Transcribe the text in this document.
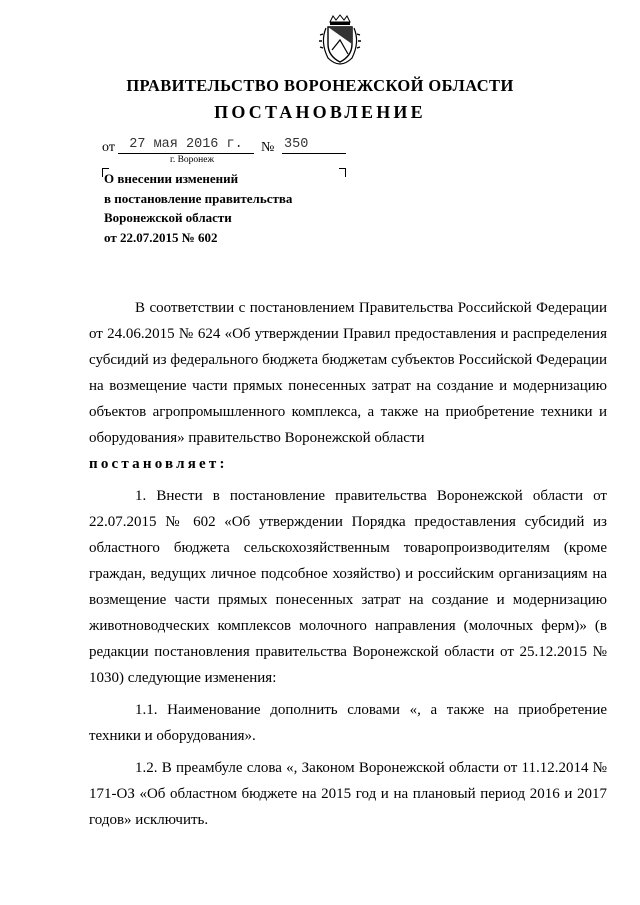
ПРАВИТЕЛЬСТВО ВОРОНЕЖСКОЙ ОБЛАСТИ
ПОСТАНОВЛЕНИЕ
от	27 мая 2016 г.	№ 350
г. Воронеж
О внесении изменений
в постановление правительства
Воронежской области
от 22.07.2015 № 602

В соответствии с постановлением Правительства Российской Федерации от 24.06.2015 № 624 «Об утверждении Правил предоставления и распределения субсидий из федерального бюджета бюджетам субъектов Российской Федерации на возмещение части прямых понесенных затрат на создание и модернизацию объектов агропромышленного комплекса, а также на приобретение техники и оборудования» правительство Воронежской области

постановляет:

1. Внести в постановление правительства Воронежской области от 22.07.2015 № 602 «Об утверждении Порядка предоставления субсидий из областного бюджета сельскохозяйственным товаропроизводителям (кроме граждан, ведущих личное подсобное хозяйство) и российским организациям на возмещение части прямых понесенных затрат на создание и модернизацию животноводческих комплексов молочного направления (молочных ферм)» (в редакции постановления правительства Воронежской области от 25.12.2015 № 1030) следующие изменения:

1.1. Наименование дополнить словами «, а также на приобретение техники и оборудования».

1.2. В преамбуле слова «, Законом Воронежской области от 11.12.2014 № 171-ОЗ «Об областном бюджете на 2015 год и на плановый период 2016 и 2017 годов» исключить.
